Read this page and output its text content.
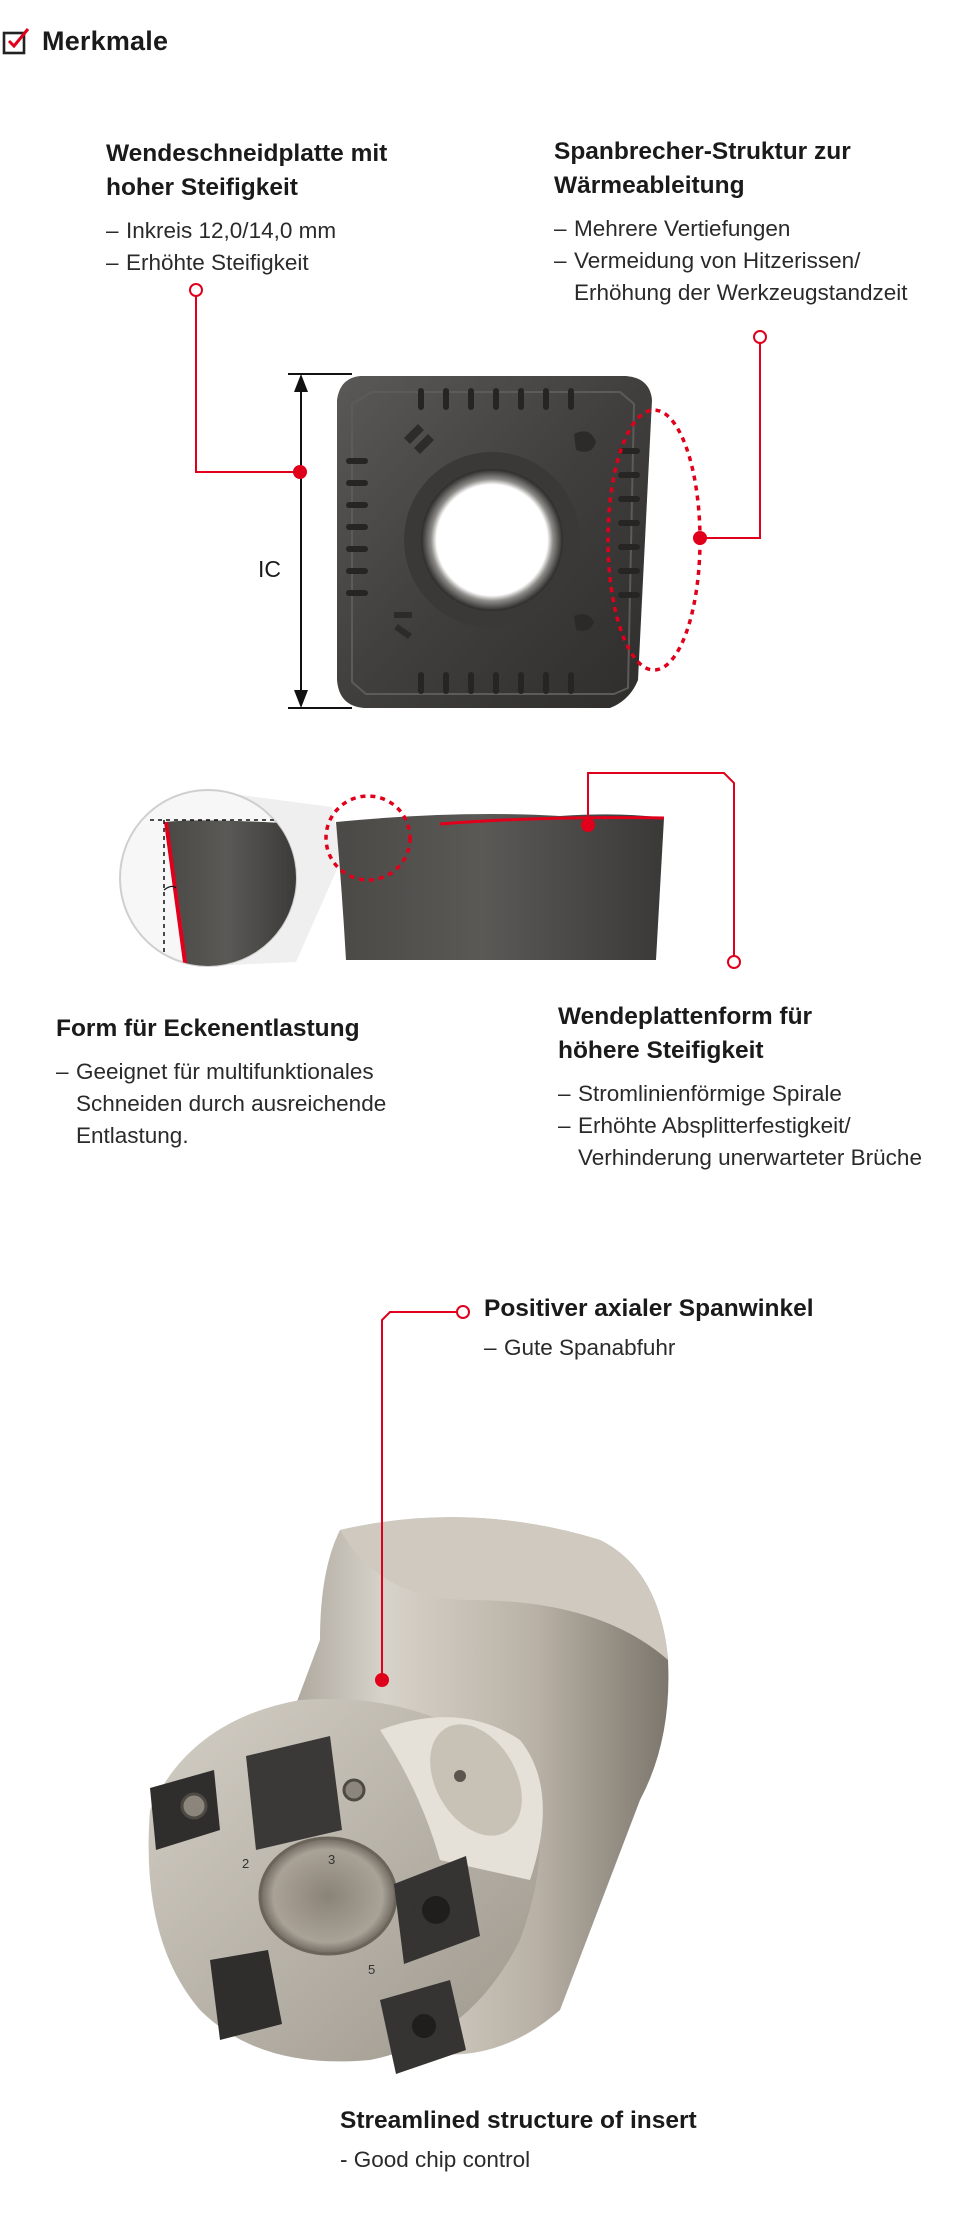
Merkmale
Wendeschneidplatte mit
hoher Steifigkeit
– Inkreis 12,0/14,0 mm
– Erhöhte Steifigkeit
Spanbrecher-Struktur zur
Wärmeableitung
– Mehrere Vertiefungen
– Vermeidung von Hitzerissen/
Erhöhung der Werkzeugstandzeit
IC
Form für Eckenentlastung
– Geeignet für multifunktionales
Schneiden durch ausreichende
Entlastung.
Wendeplattenform für
höhere Steifigkeit
– Stromlinienförmige Spirale
– Erhöhte Absplitterfestigkeit/
Verhinderung unerwarteter Brüche
Positiver axialer Spanwinkel
– Gute Spanabfuhr
2	3
4
5
Streamlined structure of insert
- - Good chip control
